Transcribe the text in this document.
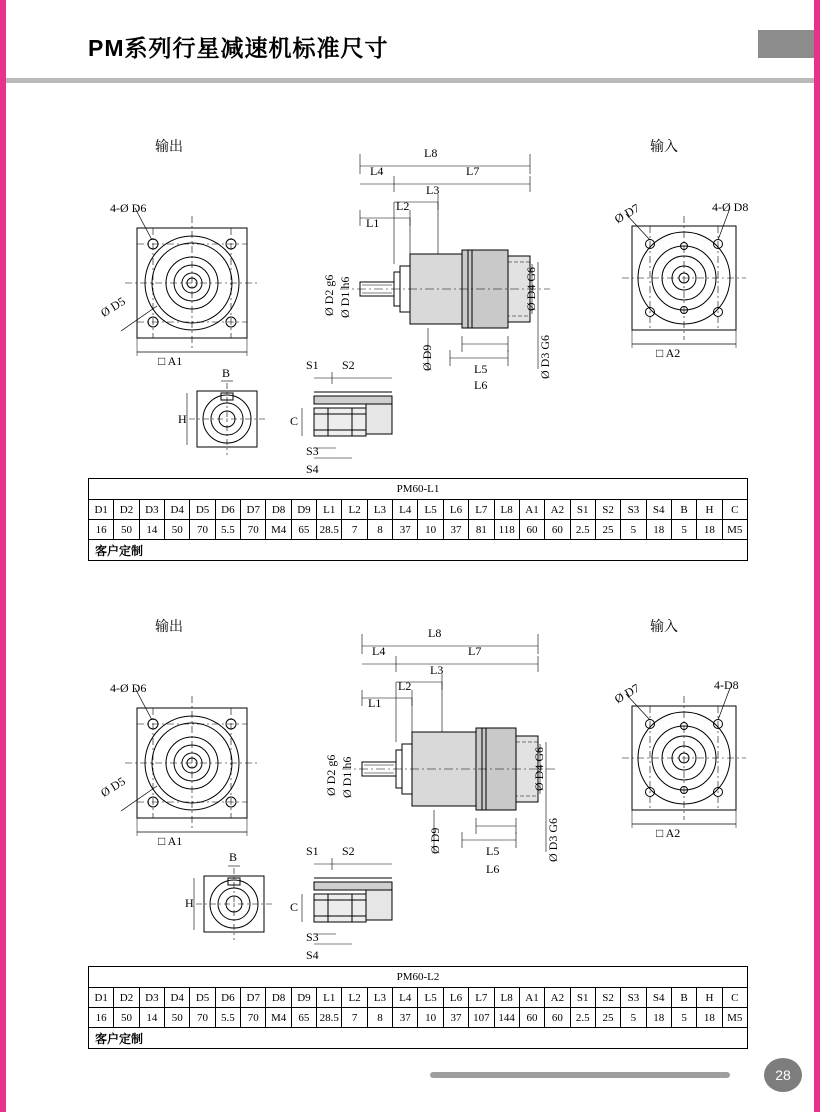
PM系列行星减速机标准尺寸
输出	输入
4-Ø D6
Ø D5
□ A1
L8
L7
L4
L3
L2
L1
L5
L6
Ø D9
Ø D2 g6 Ø D1 h6
Ø D3 G6
Ø D4 G6
Ø D7	4-Ø D8
□ A2
B
H
S1 S2
C
S3
S4
PM60-L1																									
D1	D2	D3	D4	D5	D6	D7	D8	D9	L1	L2	L3	L4	L5	L6	L7	L8	A1	A2	S1	S2	S3	S4	B	H	C
16	50	14	50	70	5.5	70	M4	65	28.5	7	8	37	10	37	81	118	60	60	2.5	25	5	18	5	18	M5
客户定制																									
输出	输入
4-Ø D6
Ø D5
□ A1
L8
L7
L4
L3
L2
L1
L5
L6
Ø D9
Ø D2 g6 Ø D1 h6
Ø D3 G6
Ø D4 G6
Ø D7	4-D8
□ A2
B
H
S1 S2
C
S3
S4
PM60-L2																									
D1	D2	D3	D4	D5	D6	D7	D8	D9	L1	L2	L3	L4	L5	L6	L7	L8	A1	A2	S1	S2	S3	S4	B	H	C
16	50	14	50	70	5.5	70	M4	65	28.5	7	8	37	10	37	107	144	60	60	2.5	25	5	18	5	18	M5
客户定制																									
28
